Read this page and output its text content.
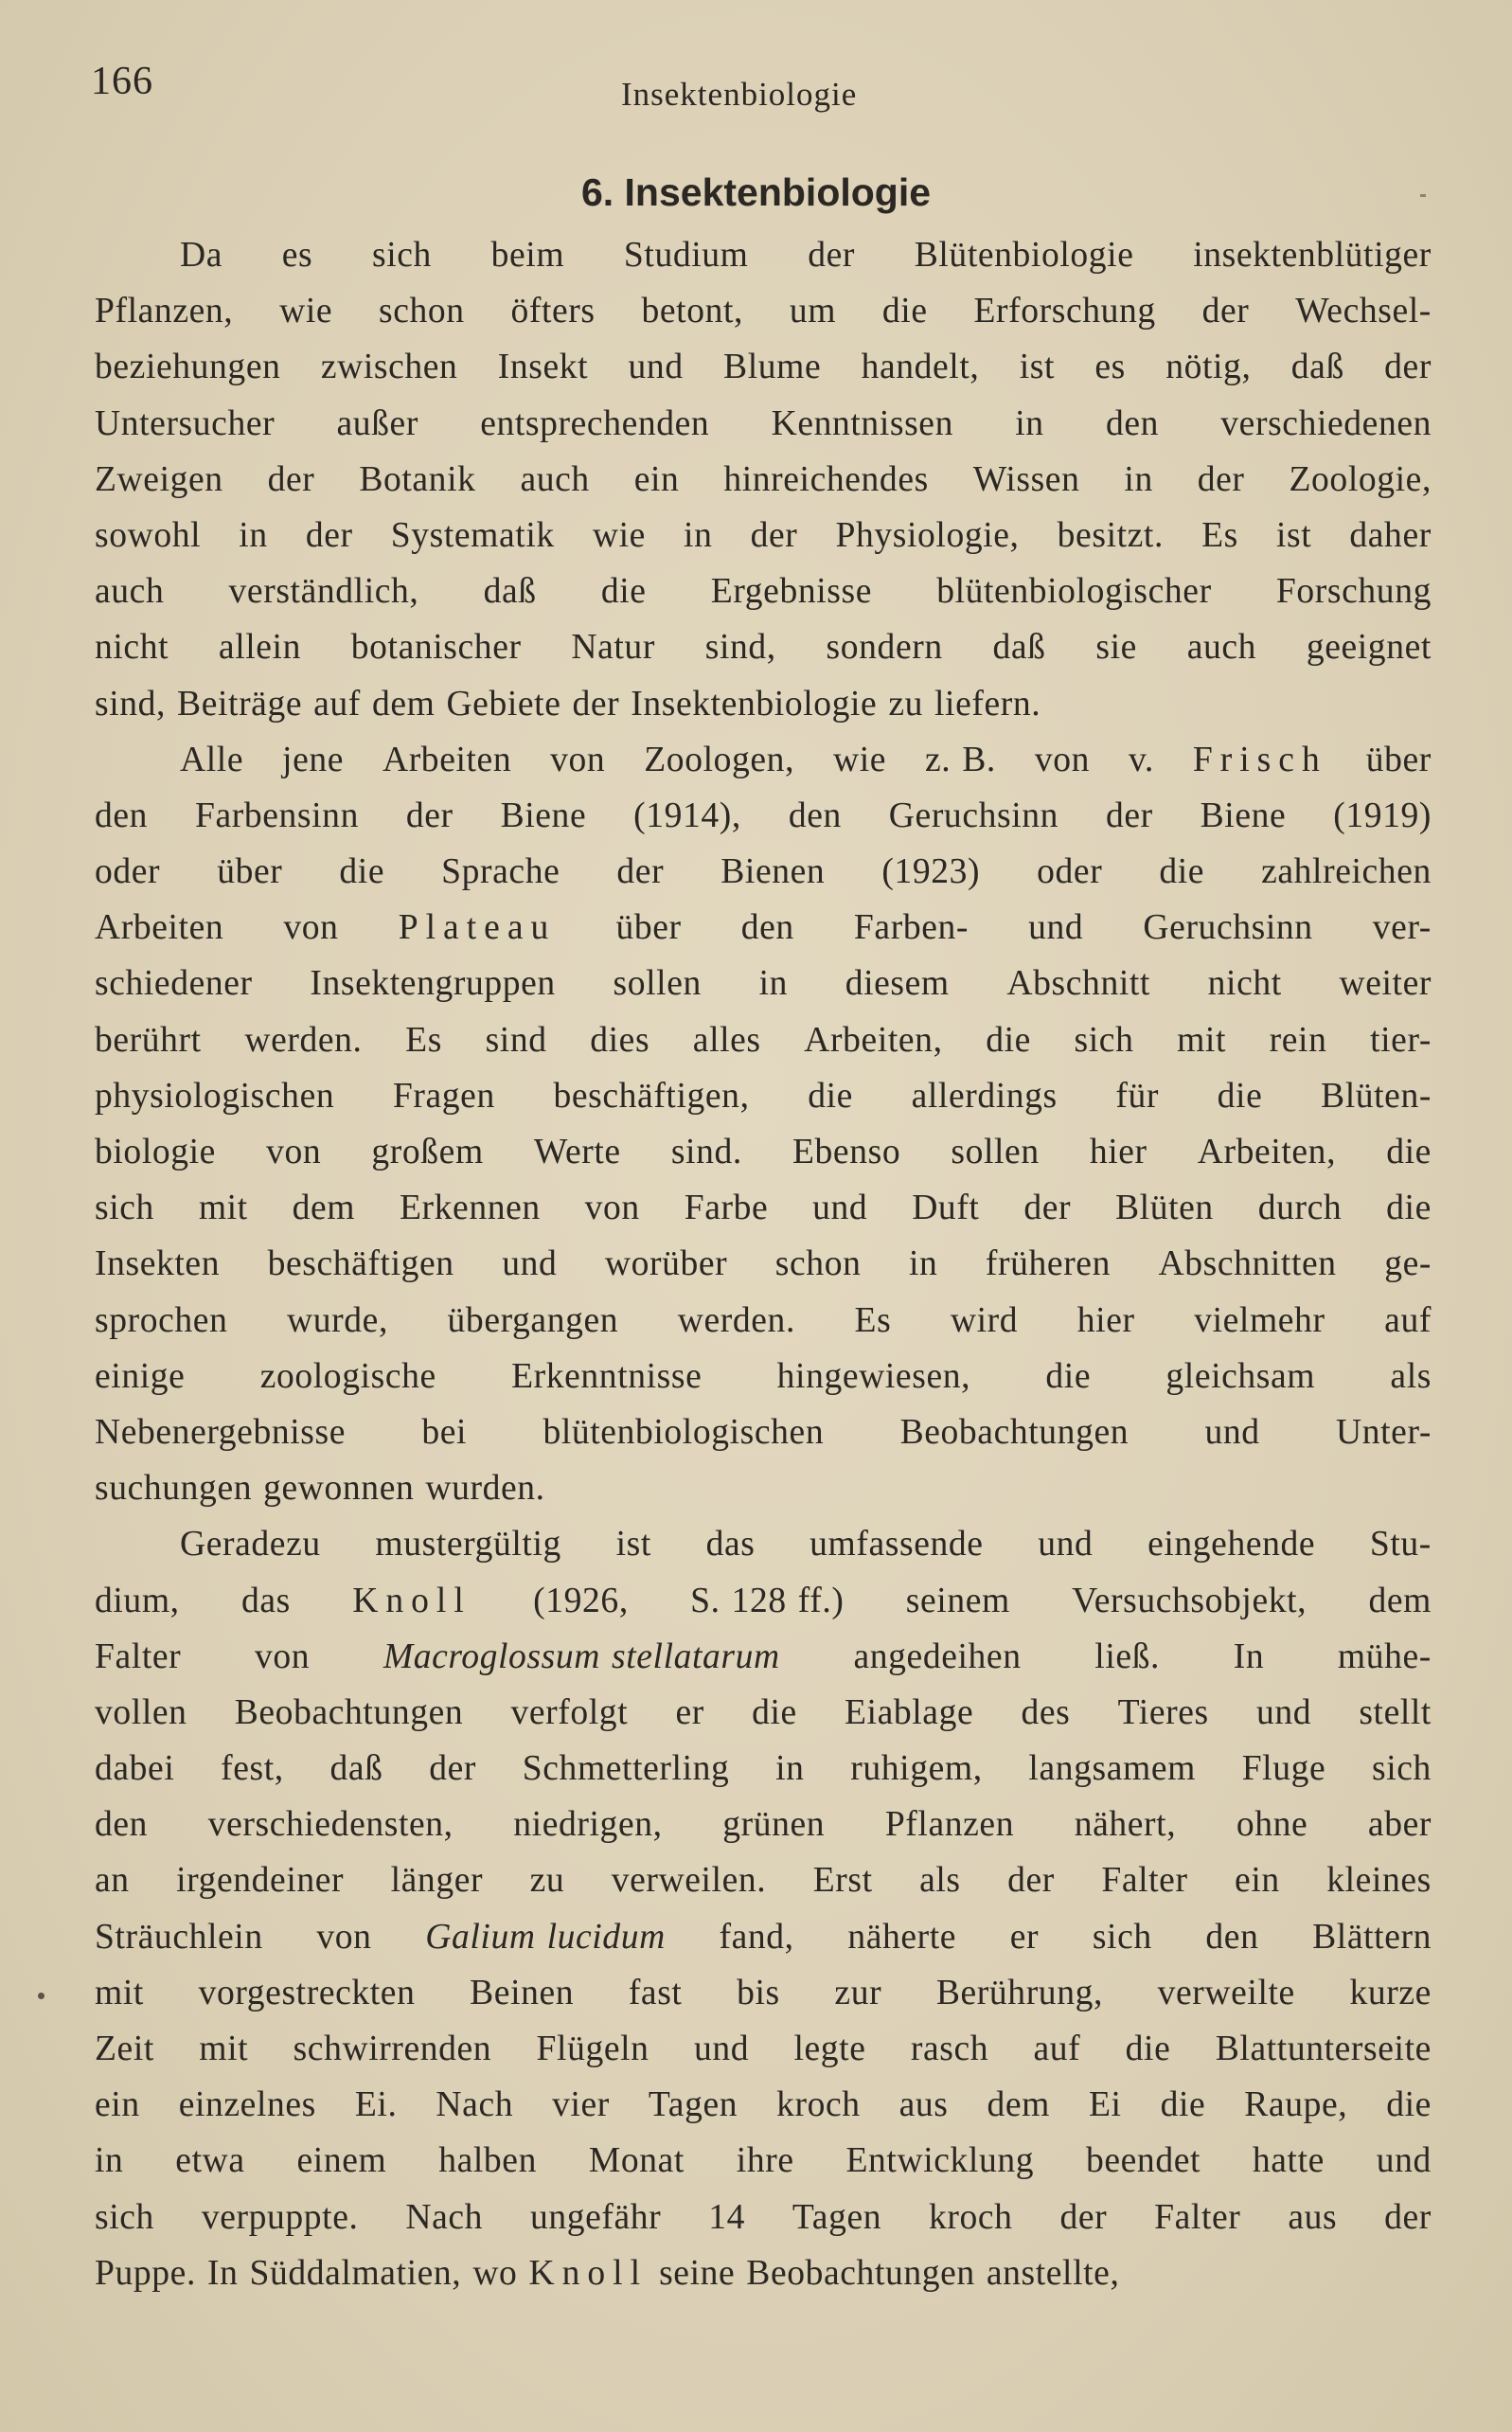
166	Insektenbiologie
6. Insektenbiologie
Da es sich beim Studium der Blütenbiologie insektenblütiger
Pflanzen, wie schon öfters betont, um die Erforschung der Wechsel-
beziehungen zwischen Insekt und Blume handelt, ist es nötig, daß der
Untersucher außer entsprechenden Kenntnissen in den verschiedenen
Zweigen der Botanik auch ein hinreichendes Wissen in der Zoologie,
sowohl in der Systematik wie in der Physiologie, besitzt. Es ist daher
auch verständlich, daß die Ergebnisse blütenbiologischer Forschung
nicht allein botanischer Natur sind, sondern daß sie auch geeignet
sind, Beiträge auf dem Gebiete der Insektenbiologie zu liefern.
Alle jene Arbeiten von Zoologen, wie z. B. von v. Frisch über
den Farbensinn der Biene (1914), den Geruchsinn der Biene (1919)
oder über die Sprache der Bienen (1923) oder die zahlreichen
Arbeiten von Plateau über den Farben- und Geruchsinn ver-
schiedener Insektengruppen sollen in diesem Abschnitt nicht weiter
berührt werden. Es sind dies alles Arbeiten, die sich mit rein tier-
physiologischen Fragen beschäftigen, die allerdings für die Blüten-
biologie von großem Werte sind. Ebenso sollen hier Arbeiten, die
sich mit dem Erkennen von Farbe und Duft der Blüten durch die
Insekten beschäftigen und worüber schon in früheren Abschnitten ge-
sprochen wurde, übergangen werden. Es wird hier vielmehr auf
einige zoologische Erkenntnisse hingewiesen, die gleichsam als
Nebenergebnisse bei blütenbiologischen Beobachtungen und Unter-
suchungen gewonnen wurden.
Geradezu mustergültig ist das umfassende und eingehende Stu-
dium, das Knoll (1926, S. 128 ff.) seinem Versuchsobjekt, dem
Falter von Macroglossum stellatarum angedeihen ließ. In mühe-
vollen Beobachtungen verfolgt er die Eiablage des Tieres und stellt
dabei fest, daß der Schmetterling in ruhigem, langsamem Fluge sich
den verschiedensten, niedrigen, grünen Pflanzen nähert, ohne aber
an irgendeiner länger zu verweilen. Erst als der Falter ein kleines
Sträuchlein von Galium lucidum fand, näherte er sich den Blättern
mit vorgestreckten Beinen fast bis zur Berührung, verweilte kurze
Zeit mit schwirrenden Flügeln und legte rasch auf die Blattunterseite
ein einzelnes Ei. Nach vier Tagen kroch aus dem Ei die Raupe, die
in etwa einem halben Monat ihre Entwicklung beendet hatte und
sich verpuppte. Nach ungefähr 14 Tagen kroch der Falter aus der
Puppe. In Süddalmatien, wo Knoll seine Beobachtungen anstellte,
